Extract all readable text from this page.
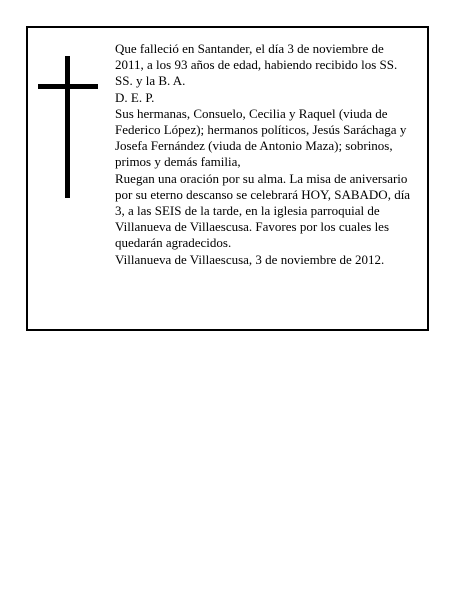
Que falleció en Santander, el día 3 de noviembre de 2011, a los 93 años de edad, habiendo recibido los SS. SS. y la B. A.

D. E. P.

Sus hermanas, Consuelo, Cecilia y Raquel (viuda de Federico López); hermanos políticos, Jesús Saráchaga y Josefa Fernández (viuda de Antonio Maza); sobrinos, primos y demás familia,

Ruegan una oración por su alma. La misa de aniversario por su eterno descanso se celebrará HOY, SABADO, día 3, a las SEIS de la tarde, en la iglesia parroquial de Villanueva de Villaescusa. Favores por los cuales les quedarán agradecidos.

Villanueva de Villaescusa, 3 de noviembre de 2012.
